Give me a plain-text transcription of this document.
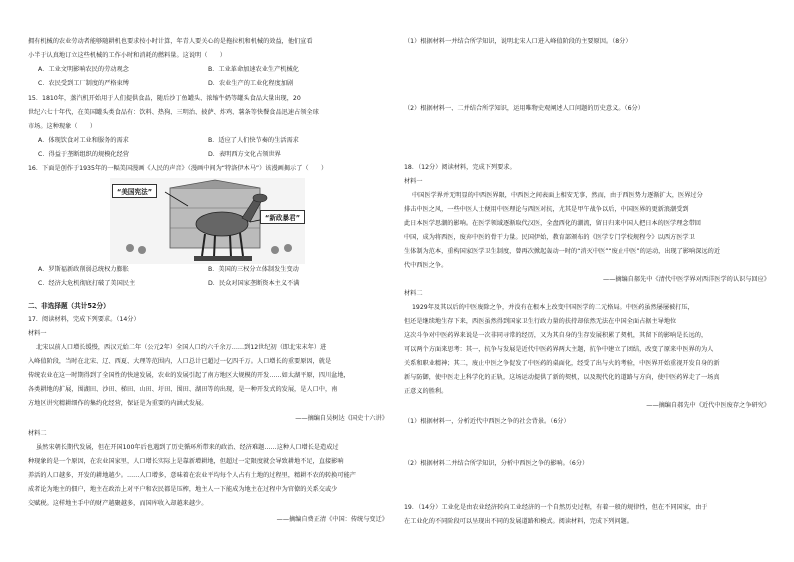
拥有机械的农业劳动者能够随耕机也要求按小时计算，年青人要关心的是拖拉机和机械的效益，他们宣看
小半于认真地订立这些机械的工作小时和消耗的燃料量。这说明（　　）
A．工业文明影响农民的劳动观念	B．工业革命加速农业生产机械化
C．农民受到工厂制度的严格束缚	D．农业生产的工业化程度加剧
15．1810年，蒸汽机开始用于人们提供食品，随后沙丁鱼罐头、浓缩牛奶等罐头食品大量出现，20
世纪六七十年代，在美国罐头类食品有：饮料、热狗、三明治、披萨、炸鸡、薯条等快餐食品迅速占领全球
市场。这种现象（　　）
A．体现饮食对工业和服务的需求	B．适应了人们快节奏的生活需求
C．得益于垄断组织的规模化经营	D．表明西方文化占领世界
16．下面是创作于1935年的一幅美国漫画《人民的声音》（漫画中间为“特洛伊木马”）该漫画揭示了（　　）
“美国宪法”
“新政暴君”
A．罗斯福新政削弱总统权力膨胀	B．美国的三权分立体制发生变动
C．经济大危机彻底打破了美国民主	D．民众对国家垄断资本主义不满
二、非选择题（共计52分）
17．阅读材料，完成下列要求。（14分）
材料一
北宋以前人口增长缓慢，西汉元始二年（公元2年）全国人口约六千余万……到12世纪初（即北宋末年）进
入峰值阶段，当时在北宋、辽、西夏、大理等范围内，人口总计已超过一亿四千万。人口增长的重要原因，就是
传统农业在这一时期得到了全国性的快速发展，农业的发展引起了南方地区大规模的开发……如太湖平原，四川盆地，
各类耕地的扩展，围湖田、沙田、梯田、山田、圩田、围田、湖田等的出现，是一种开发式的发展，是人口中，南
方地区讲究精耕细作的集约化经营，保证是为重要的内涵式发展。
——摘编自吴树达《国史十六讲》
材料二
虽然宋朝长期代发展，但在开国100年后也遇到了历史循环所带来的政治、经济难题……这种人口增长是造成过
种现象的是一个原因，在农业国家里，人口增长实际上是靠新增耕地，但超过一定限度就会导致耕地不足，直接影响
养活的人口越多，开发的耕地越少。……人口增多，意味着在农业平均每个人占有土地的过程里，精耕不农的转换可能产
成者论为地主的佃户，地主在政治上对平户和农民都是压榨，地主人一下能成为地主在过程中为官僚的关系交或少
交赋税。这样地主手中的财产越聚越多，而国库收入却越来越少。
——摘编自费正清《中国：传统与变迁》
（1）根据材料一并结合所学知识，说明北宋人口进入峰值阶段的主要原因。（8分）
（2）根据材料一、二并结合所学知识，运用唯物史观阐述人口问题的历史意义。（6分）
18．（12分）阅读材料，完成下列要求。
材料一
中国医学界并无明显的中西医界限，中西医之间表面上相安无事，然而，由于西医势力逐渐扩大，医界过分
排击中医之风，一些中医人士便用中医理论与西医对抗，尤其是甲午战争以后，中国医界的更新浪潮受到
此日本医学思潮的影响。在医学领域逐渐取代汉医，全盘西化的潮流，留日归来中国人把日本的医学理念带回
中国，成为将西医，废弃中医的骨干力量。民国伊始，教育部颁布的《医学专门学校规程令》以西方医学卫
生体制为范本，重构国家医学卫生制度，曾再次掀起轰动一时的“消灭中医”“废止中医”的运动，出现了影响深远的近
代中西医之争。
——摘编自郝先中《清代中医学界对西洋医学的认识与回应》
材料二
1929年及其以后的中医废除之争，并没有在根本上改变中国医学的二元格局。中医药虽然屡屡被打压，
但还是继续地生存下来，西医虽然得到国家卫生行政力量的扶持却依然无法在中国全面占据主导地位
这次斗争对中医药界来说是一次非同寻常的经历，又为其自身的生存发展积累了契机，其留下的影响是长远的，
可以两个方面来思考：其一，抗争与发展是近代中医药界两大主题，抗争中建立了团结，改变了原来中医界的为人
关系和职业精神；其二，废止中医之争促发了中医药的桌面化，经受了出与火的考验，中医界开始重视开发自身的新
新与防御，使中医走上科学化的正轨，这场运动提供了新的契机，以及现代化的道路与方向，使中医药界走了一场真
正意义的胜利。
——摘编自郝先中《近代中医废存之争研究》
（1）根据材料一，分析近代中西医之争的社会背景。（6分）
（2）根据材料二并结合所学知识，分析中西医之争的影响。（6分）
19．（14分）工业化是由农业经济转向工业经济的一个自然历史过程，有着一般的规律性，但在不同国家，由于
在工业化的不同阶段可以呈现出不同的发展道路和模式。阅读材料，完成下列问题。
